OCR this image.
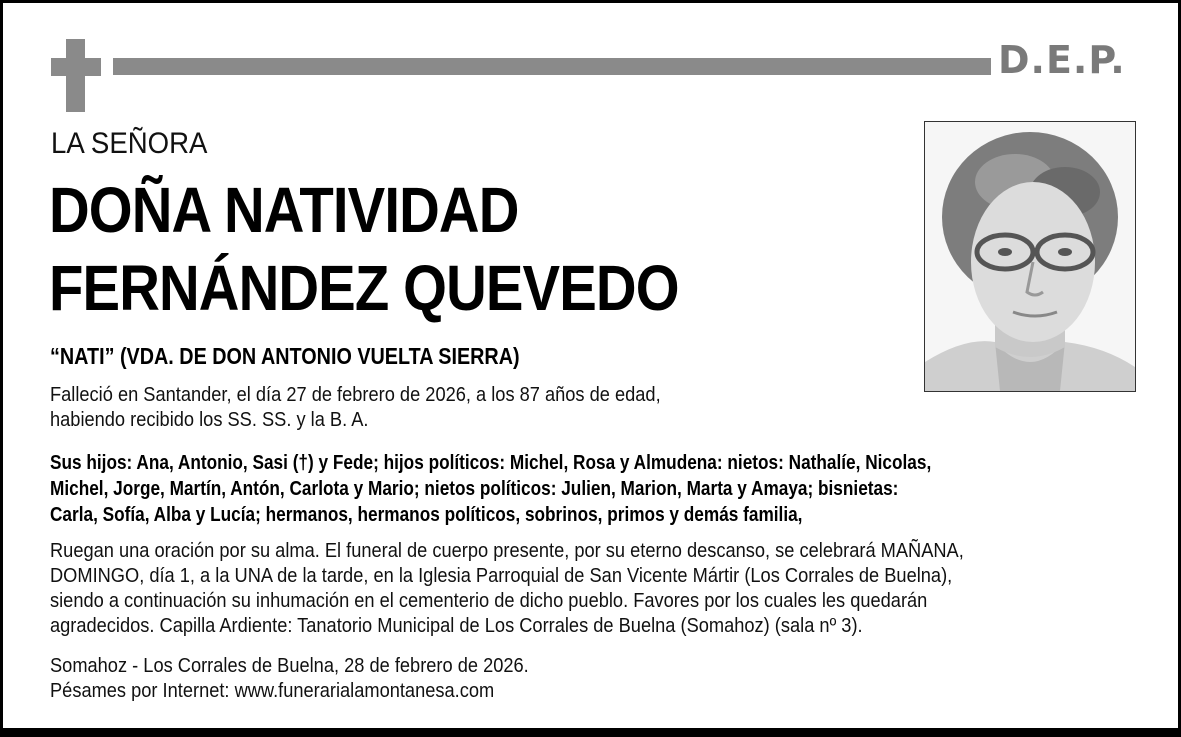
D.E.P.
LA SEÑORA
DOÑA NATIVIDAD
FERNÁNDEZ QUEVEDO
“NATI” (VDA. DE DON ANTONIO VUELTA SIERRA)
Falleció en Santander, el día 27 de febrero de 2026, a los 87 años de edad,
habiendo recibido los SS. SS. y la B. A.
Sus hijos: Ana, Antonio, Sasi (†) y Fede; hijos políticos: Michel, Rosa y Almudena: nietos: Nathalíe, Nicolas,
Michel, Jorge, Martín, Antón, Carlota y Mario; nietos políticos: Julien, Marion, Marta y Amaya; bisnietas:
Carla, Sofía, Alba y Lucía; hermanos, hermanos políticos, sobrinos, primos y demás familia,
Ruegan una oración por su alma. El funeral de cuerpo presente, por su eterno descanso, se celebrará MAÑANA,
DOMINGO, día 1, a la UNA de la tarde, en la Iglesia Parroquial de San Vicente Mártir (Los Corrales de Buelna),
siendo a continuación su inhumación en el cementerio de dicho pueblo. Favores por los cuales les quedarán
agradecidos. Capilla Ardiente: Tanatorio Municipal de Los Corrales de Buelna (Somahoz) (sala nº 3).
Somahoz - Los Corrales de Buelna, 28 de febrero de 2026.
Pésames por Internet: www.funerarialamontanesa.com
